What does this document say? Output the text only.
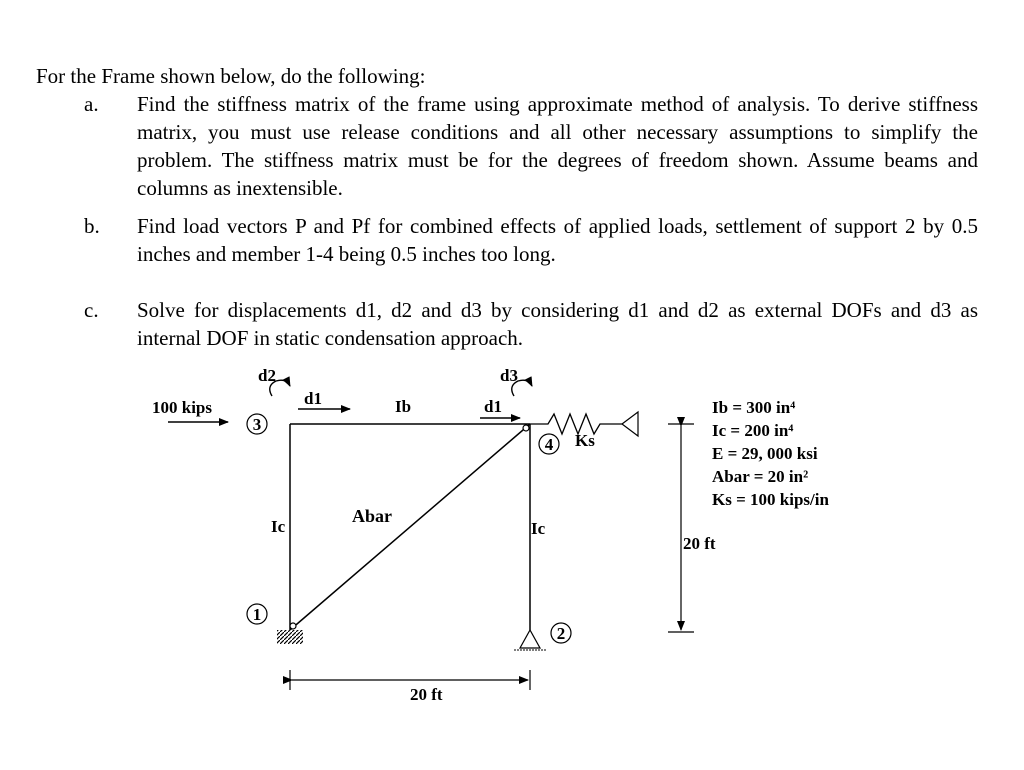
For the Frame shown below, do the following:
a. Find the stiffness matrix of the frame using approximate method of analysis. To derive stiffness matrix, you must use release conditions and all other necessary assumptions to simplify the problem. The stiffness matrix must be for the degrees of freedom shown. Assume beams and columns as inextensible.
b. Find load vectors P and Pf for combined effects of applied loads, settlement of support 2 by 0.5 inches and member 1-4 being 0.5 inches too long.
c. Solve for displacements d1, d2 and d3 by considering d1 and d2 as external DOFs and d3 as internal DOF in static condensation approach.
100 kips	d1	d1
d2	d3
3
4
1
2
Ib
Ic	Ic
Abar
Ks
20 ft
20 ft
Ib = 300 in⁴
Ic = 200 in⁴
E = 29, 000 ksi
Abar = 20 in²
Ks = 100 kips/in
